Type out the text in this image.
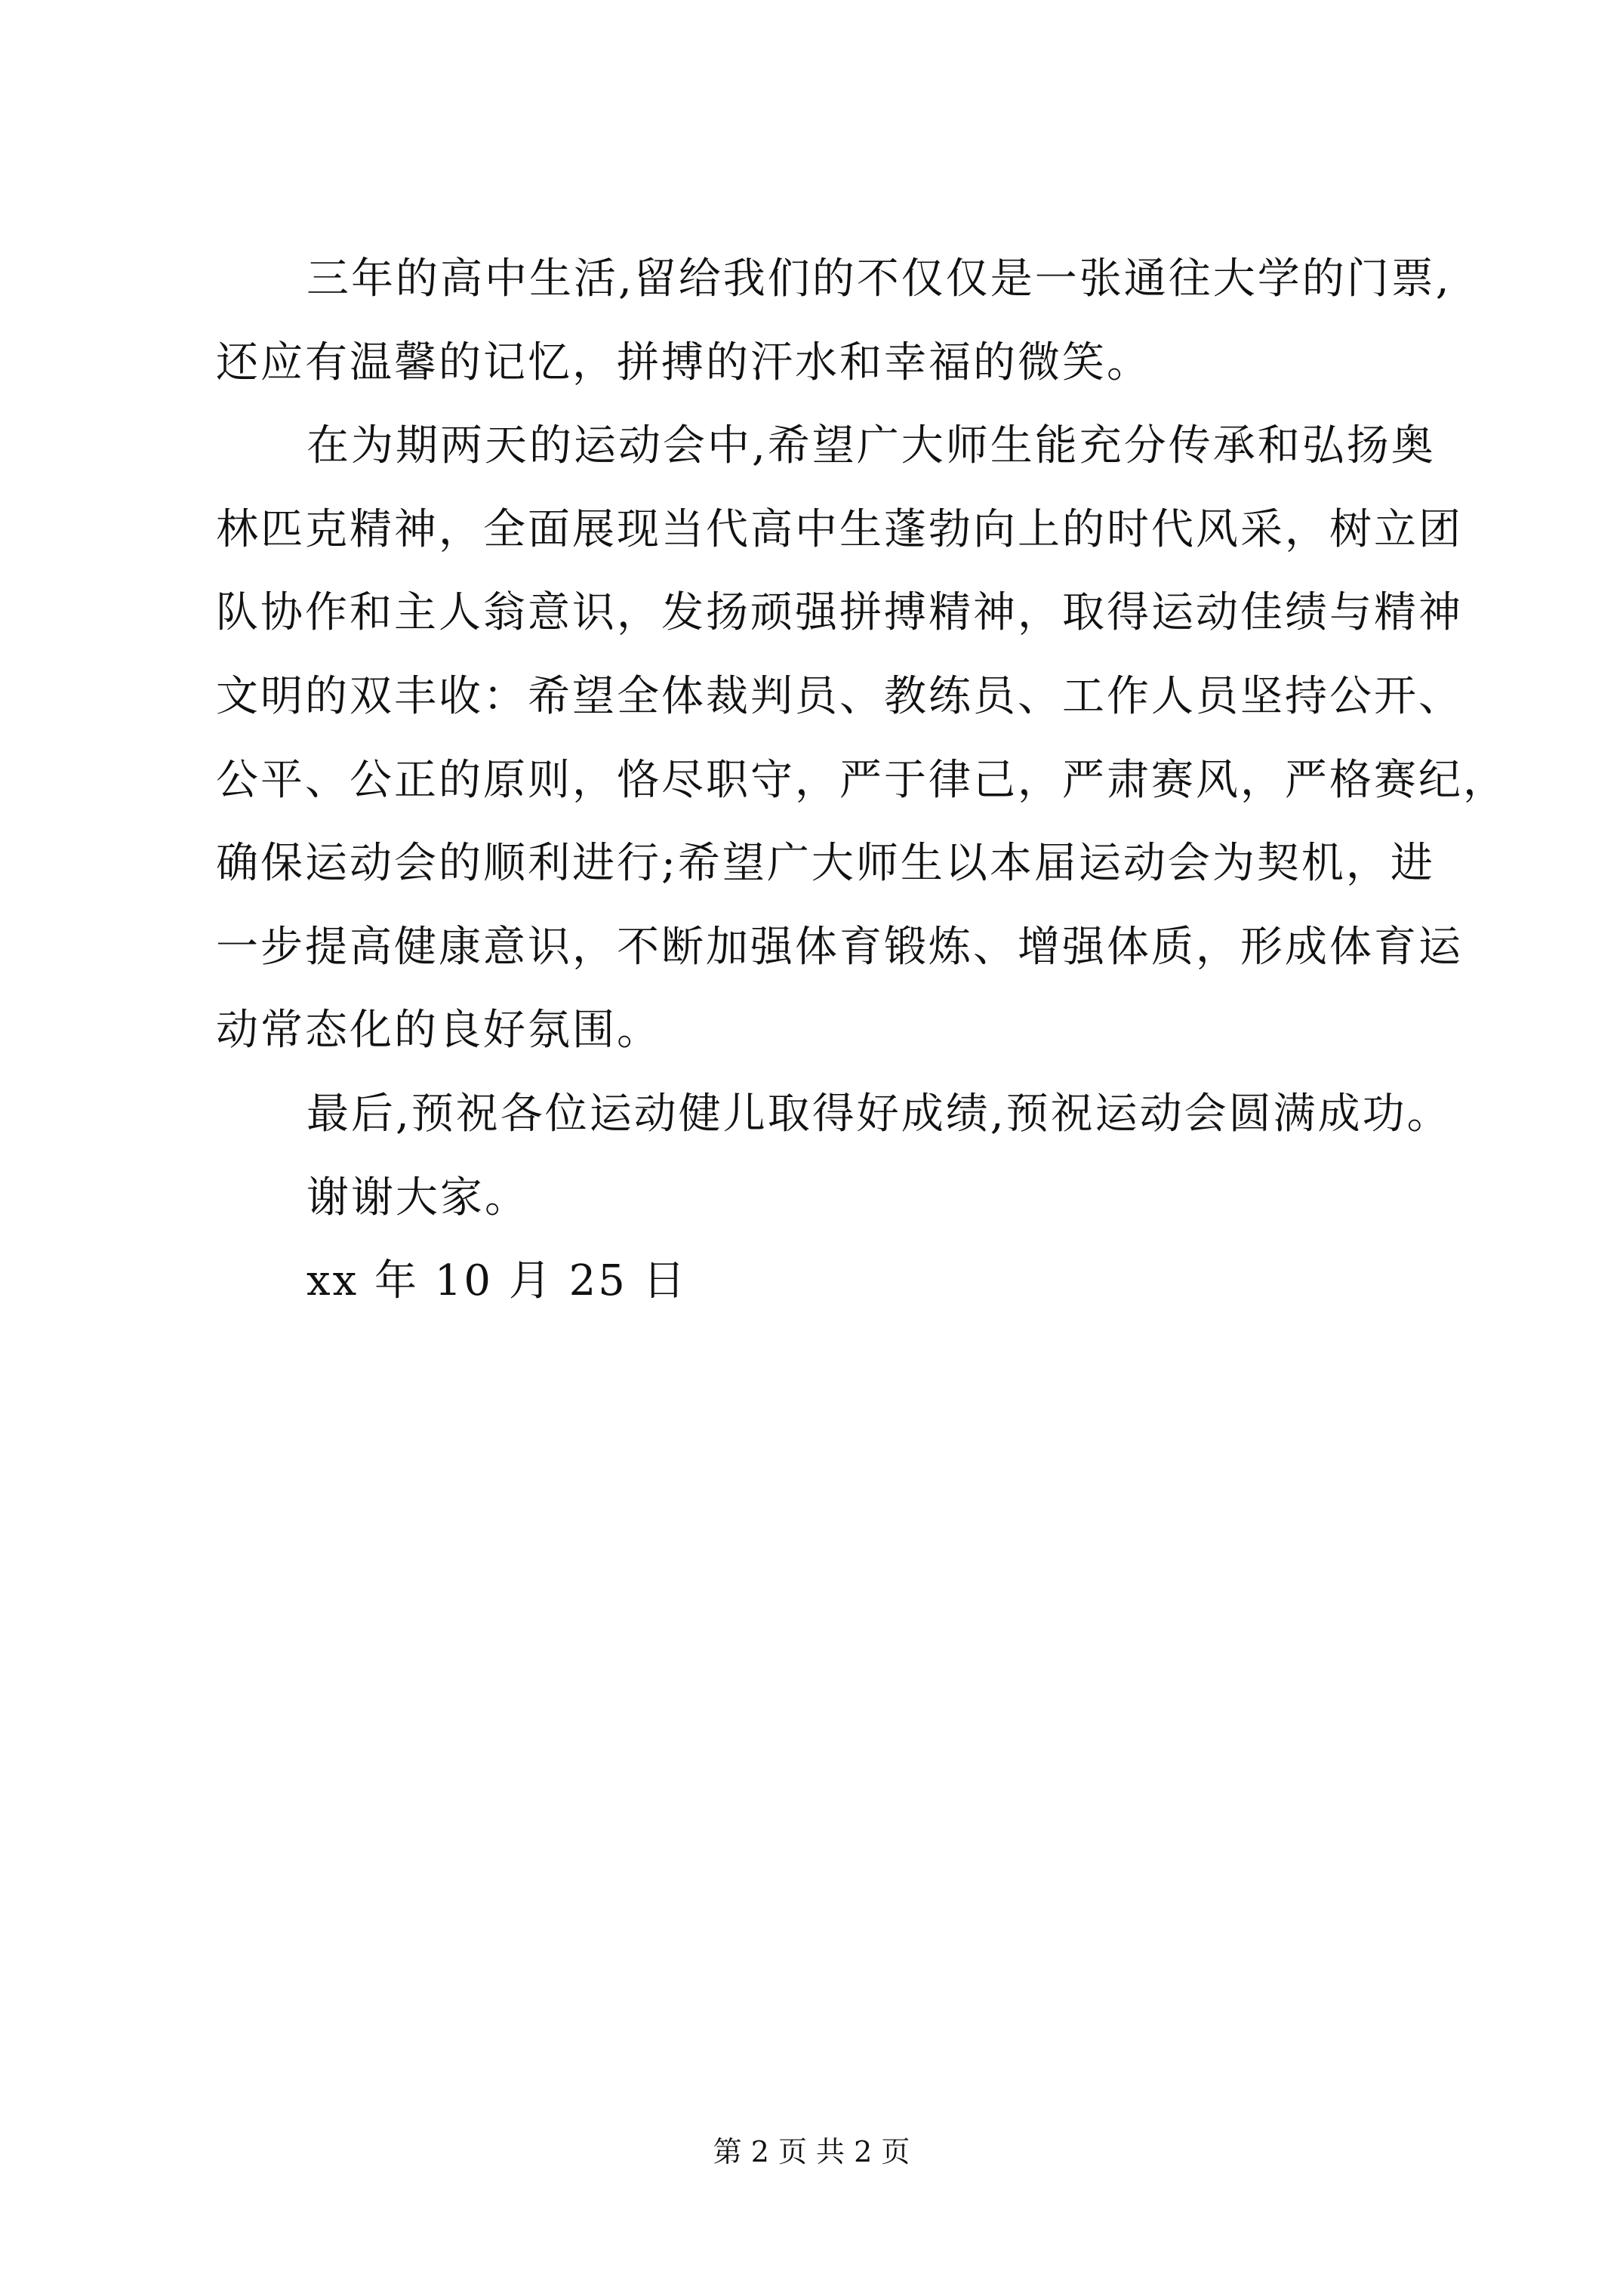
三年的高中生活,留给我们的不仅仅是一张通往大学的门票,
还应有温馨的记忆，拼搏的汗水和幸福的微笑。
在为期两天的运动会中,希望广大师生能充分传承和弘扬奥
林匹克精神，全面展现当代高中生蓬勃向上的时代风采，树立团
队协作和主人翁意识，发扬顽强拼搏精神，取得运动佳绩与精神
文明的双丰收：希望全体裁判员、教练员、工作人员坚持公开、
公平、公正的原则，恪尽职守，严于律己，严肃赛风，严格赛纪，
确保运动会的顺利进行;希望广大师生以本届运动会为契机，进
一步提高健康意识，不断加强体育锻炼、增强体质，形成体育运
动常态化的良好氛围。
最后,预祝各位运动健儿取得好成绩,预祝运动会圆满成功。
谢谢大家。
xx 年 10 月 25 日
第 2 页 共 2 页
